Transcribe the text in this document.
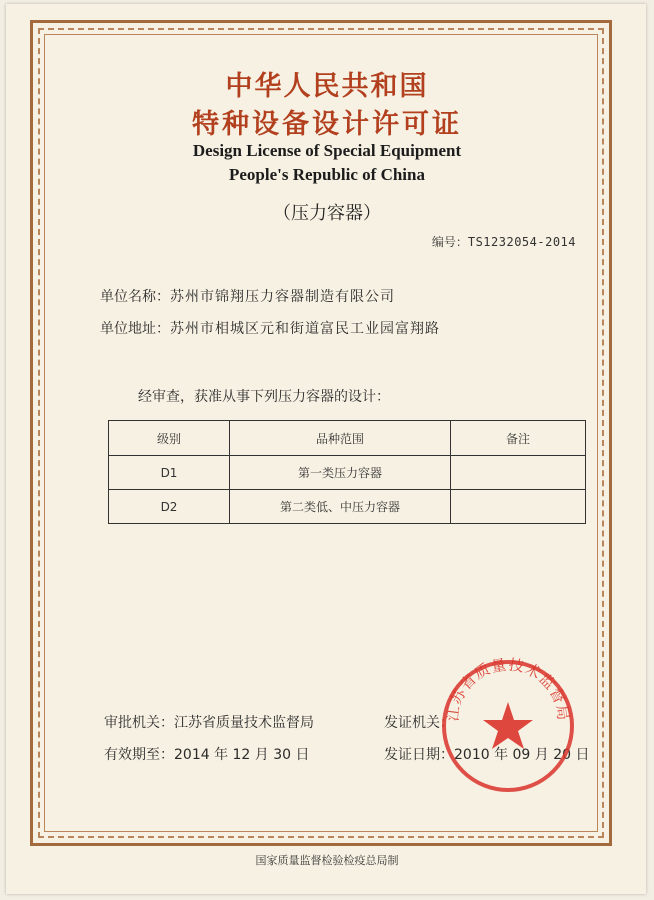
中华人民共和国
特种设备设计许可证
Design License of Special Equipment
People's Republic of China
（压力容器）
编号：TS1232054-2014
单位名称：苏州市锦翔压力容器制造有限公司
单位地址：苏州市相城区元和街道富民工业园富翔路
经审查，获准从事下列压力容器的设计：
级别	品种范围	备注
D1	第一类压力容器	
D2	第二类低、中压力容器	
审批机关：江苏省质量技术监督局
有效期至：2014 年 12 月 30 日
发证机关：
发证日期：2010 年 09 月 20 日
江苏省质量技术监督局
国家质量监督检验检疫总局制
